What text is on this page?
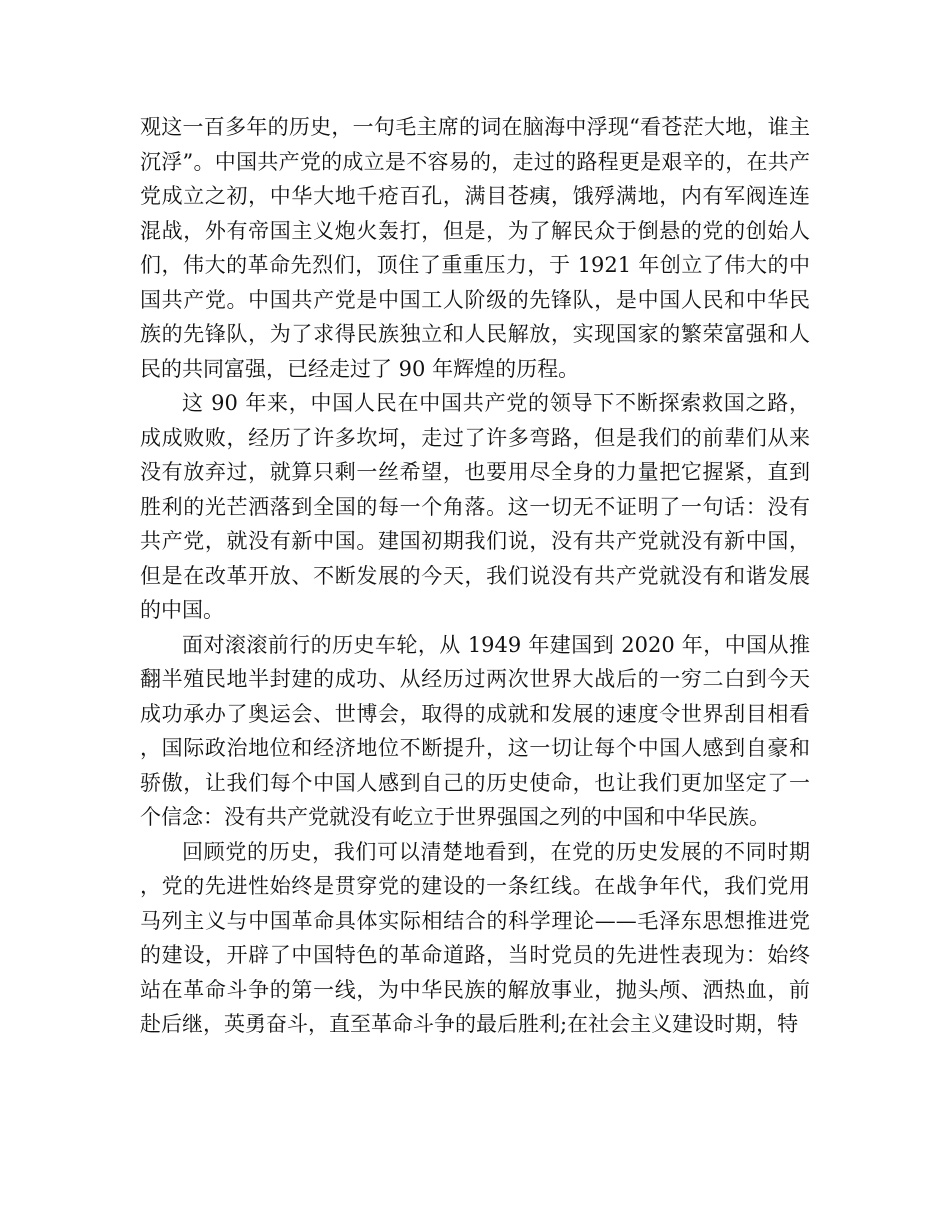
观这一百多年的历史，一句毛主席的词在脑海中浮现“看苍茫大地，谁主沉浮”。中国共产党的成立是不容易的，走过的路程更是艰辛的，在共产党成立之初，中华大地千疮百孔，满目苍痍，饿殍满地，内有军阀连连混战，外有帝国主义炮火轰打，但是，为了解民众于倒悬的党的创始人们，伟大的革命先烈们，顶住了重重压力，于 1921 年创立了伟大的中国共产党。中国共产党是中国工人阶级的先锋队，是中国人民和中华民族的先锋队，为了求得民族独立和人民解放，实现国家的繁荣富强和人民的共同富强，已经走过了 90 年辉煌的历程。

这 90 年来，中国人民在中国共产党的领导下不断探索救国之路，成成败败，经历了许多坎坷，走过了许多弯路，但是我们的前辈们从来没有放弃过，就算只剩一丝希望，也要用尽全身的力量把它握紧，直到胜利的光芒洒落到全国的每一个角落。这一切无不证明了一句话：没有共产党，就没有新中国。建国初期我们说，没有共产党就没有新中国，但是在改革开放、不断发展的今天，我们说没有共产党就没有和谐发展的中国。

面对滚滚前行的历史车轮，从 1949 年建国到 2020 年，中国从推翻半殖民地半封建的成功、从经历过两次世界大战后的一穷二白到今天成功承办了奥运会、世博会，取得的成就和发展的速度令世界刮目相看，国际政治地位和经济地位不断提升，这一切让每个中国人感到自豪和骄傲，让我们每个中国人感到自己的历史使命，也让我们更加坚定了一个信念：没有共产党就没有屹立于世界强国之列的中国和中华民族。

回顾党的历史，我们可以清楚地看到，在党的历史发展的不同时期，党的先进性始终是贯穿党的建设的一条红线。在战争年代，我们党用马列主义与中国革命具体实际相结合的科学理论——毛泽东思想推进党的建设，开辟了中国特色的革命道路，当时党员的先进性表现为：始终站在革命斗争的第一线，为中华民族的解放事业，抛头颅、洒热血，前赴后继，英勇奋斗，直至革命斗争的最后胜利;在社会主义建设时期，特
